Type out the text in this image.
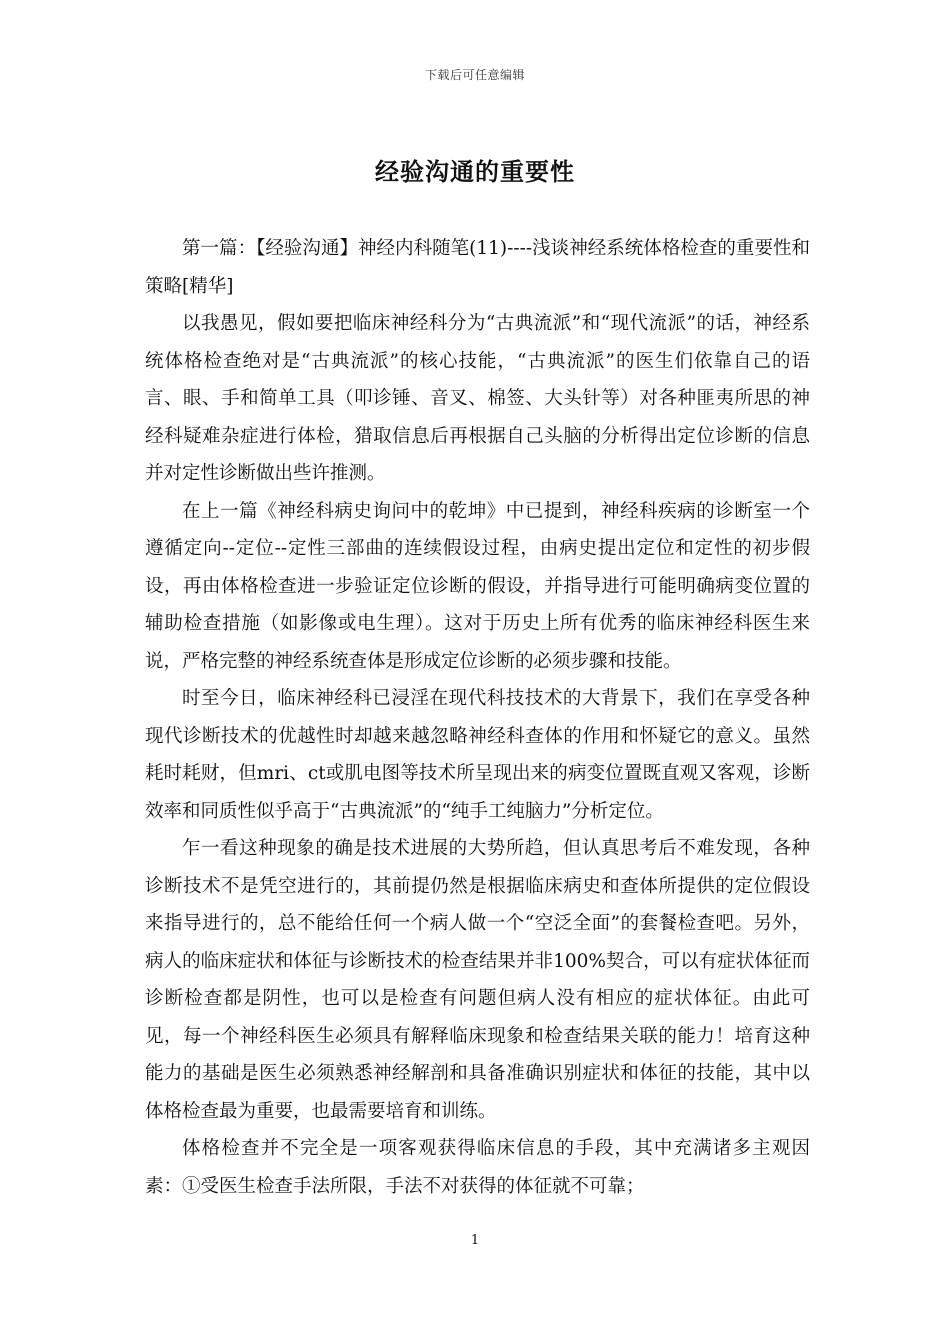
下载后可任意编辑
经验沟通的重要性

第一篇：【经验沟通】神经内科随笔(11)----浅谈神经系统体格检查的重要性和策略[精华]

以我愚见，假如要把临床神经科分为“古典流派”和“现代流派”的话，神经系统体格检查绝对是“古典流派”的核心技能，“古典流派”的医生们依靠自己的语言、眼、手和简单工具（叩诊锤、音叉、棉签、大头针等）对各种匪夷所思的神经科疑难杂症进行体检，猎取信息后再根据自己头脑的分析得出定位诊断的信息并对定性诊断做出些许推测。

在上一篇《神经科病史询问中的乾坤》中已提到，神经科疾病的诊断室一个遵循定向--定位--定性三部曲的连续假设过程，由病史提出定位和定性的初步假设，再由体格检查进一步验证定位诊断的假设，并指导进行可能明确病变位置的辅助检查措施（如影像或电生理）。这对于历史上所有优秀的临床神经科医生来说，严格完整的神经系统查体是形成定位诊断的必须步骤和技能。

时至今日，临床神经科已浸淫在现代科技技术的大背景下，我们在享受各种现代诊断技术的优越性时却越来越忽略神经科查体的作用和怀疑它的意义。虽然耗时耗财，但mri、ct或肌电图等技术所呈现出来的病变位置既直观又客观，诊断效率和同质性似乎高于“古典流派”的“纯手工纯脑力”分析定位。

乍一看这种现象的确是技术进展的大势所趋，但认真思考后不难发现，各种诊断技术不是凭空进行的，其前提仍然是根据临床病史和查体所提供的定位假设来指导进行的，总不能给任何一个病人做一个“空泛全面”的套餐检查吧。另外，病人的临床症状和体征与诊断技术的检查结果并非100%契合，可以有症状体征而诊断检查都是阴性，也可以是检查有问题但病人没有相应的症状体征。由此可见，每一个神经科医生必须具有解释临床现象和检查结果关联的能力！培育这种能力的基础是医生必须熟悉神经解剖和具备准确识别症状和体征的技能，其中以体格检查最为重要，也最需要培育和训练。

体格检查并不完全是一项客观获得临床信息的手段，其中充满诸多主观因素：①受医生检查手法所限，手法不对获得的体征就不可靠；

1
